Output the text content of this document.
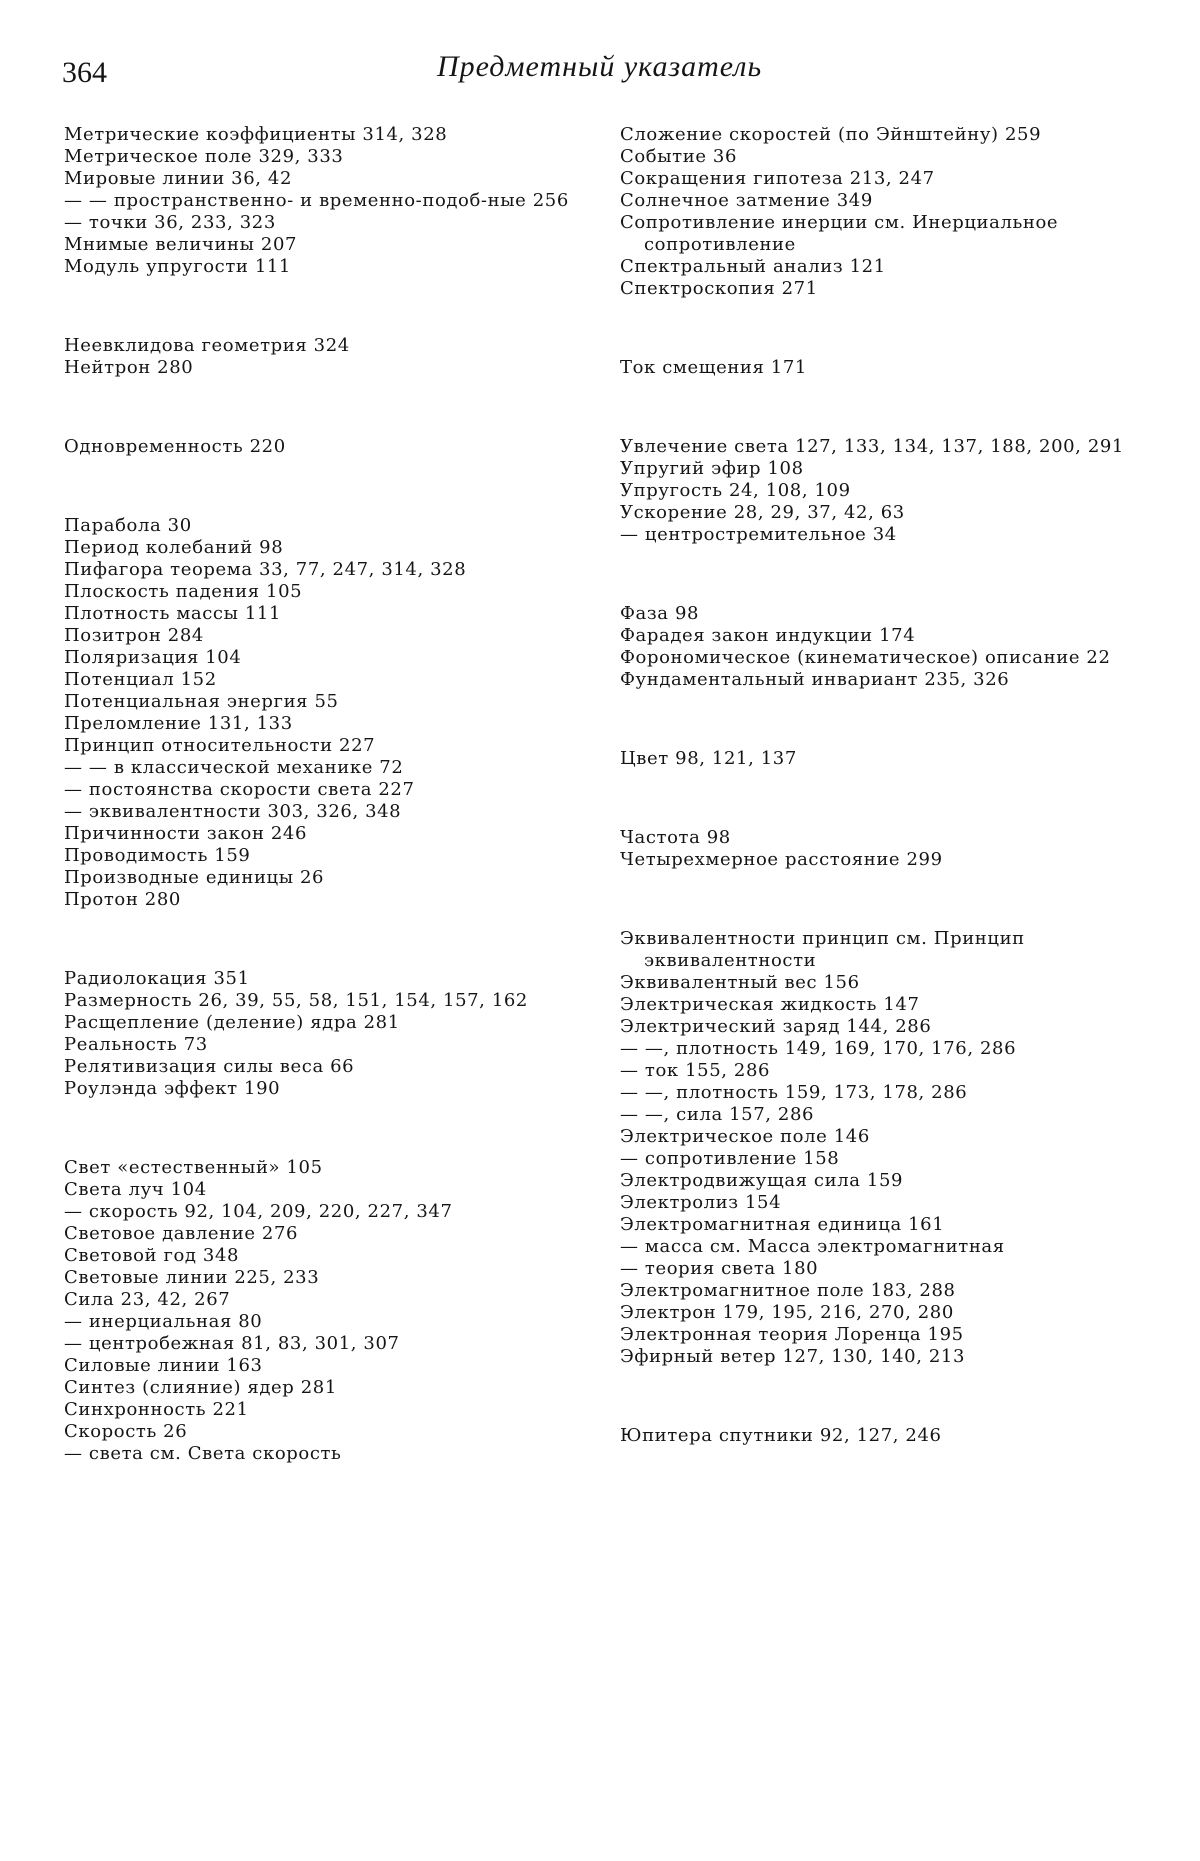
364	Предметный указатель
Метрические коэффициенты 314, 328
Метрическое поле 329, 333
Мировые линии 36, 42
— — пространственно- и временно-подоб-ные 256
— точки 36, 233, 323
Мнимые величины 207
Модуль упругости 111
Неевклидова геометрия 324
Нейтрон 280
Одновременность 220
Парабола 30
Период колебаний 98
Пифагора теорема 33, 77, 247, 314, 328
Плоскость падения 105
Плотность массы 111
Позитрон 284
Поляризация 104
Потенциал 152
Потенциальная энергия 55
Преломление 131, 133
Принцип относительности 227
— — в классической механике 72
— постоянства скорости света 227
— эквивалентности 303, 326, 348
Причинности закон 246
Проводимость 159
Производные единицы 26
Протон 280
Радиолокация 351
Размерность 26, 39, 55, 58, 151, 154, 157, 162
Расщепление (деление) ядра 281
Реальность 73
Релятивизация силы веса 66
Роулэнда эффект 190
Свет «естественный» 105
Света луч 104
— скорость 92, 104, 209, 220, 227, 347
Световое давление 276
Световой год 348
Световые линии 225, 233
Сила 23, 42, 267
— инерциальная 80
— центробежная 81, 83, 301, 307
Силовые линии 163
Синтез (слияние) ядер 281
Синхронность 221
Скорость 26
— света см. Света скорость
Сложение скоростей (по Эйнштейну) 259
Событие 36
Сокращения гипотеза 213, 247
Солнечное затмение 349
Сопротивление инерции см. Инерциальное сопротивление
Спектральный анализ 121
Спектроскопия 271
Ток смещения 171
Увлечение света 127, 133, 134, 137, 188, 200, 291
Упругий эфир 108
Упругость 24, 108, 109
Ускорение 28, 29, 37, 42, 63
— центростремительное 34
Фаза 98
Фарадея закон индукции 174
Форономическое (кинематическое) описание 22
Фундаментальный инвариант 235, 326
Цвет 98, 121, 137
Частота 98
Четырехмерное расстояние 299
Эквивалентности принцип см. Принцип эквивалентности
Эквивалентный вес 156
Электрическая жидкость 147
Электрический заряд 144, 286
— —, плотность 149, 169, 170, 176, 286
— ток 155, 286
— —, плотность 159, 173, 178, 286
— —, сила 157, 286
Электрическое поле 146
— сопротивление 158
Электродвижущая сила 159
Электролиз 154
Электромагнитная единица 161
— масса см. Масса электромагнитная
— теория света 180
Электромагнитное поле 183, 288
Электрон 179, 195, 216, 270, 280
Электронная теория Лоренца 195
Эфирный ветер 127, 130, 140, 213
Юпитера спутники 92, 127, 246
